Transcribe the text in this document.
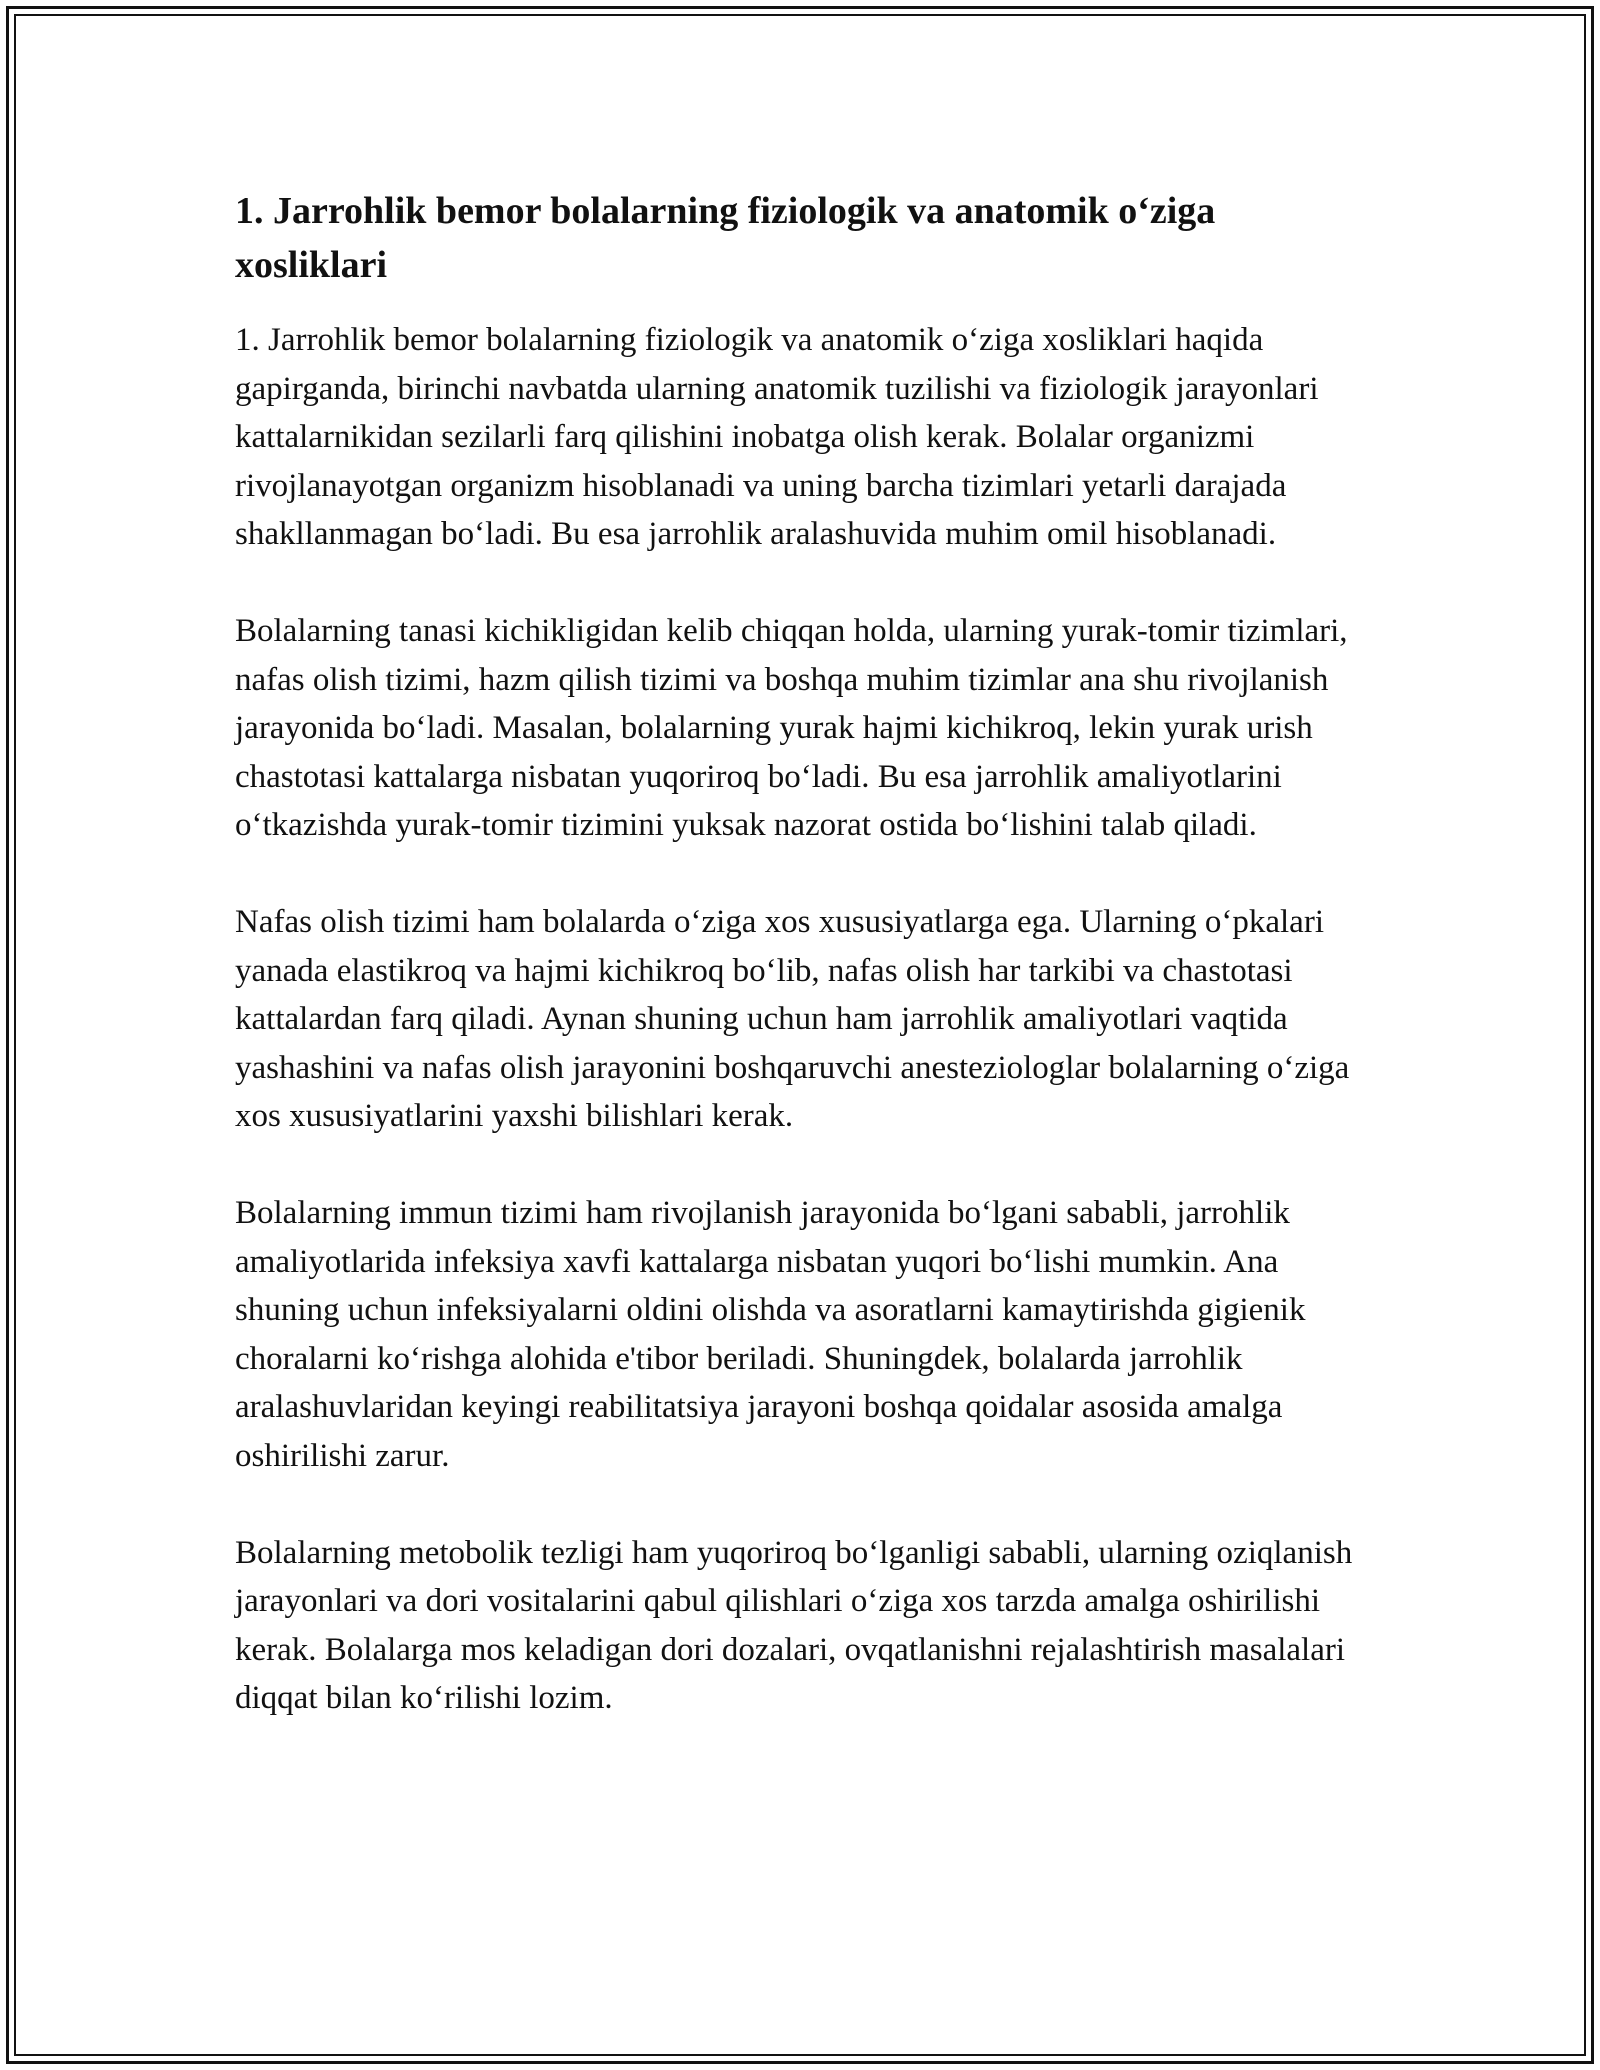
1. Jarrohlik bemor bolalarning fiziologik va anatomik o‘ziga xosliklari

1. Jarrohlik bemor bolalarning fiziologik va anatomik o‘ziga xosliklari haqida gapirganda, birinchi navbatda ularning anatomik tuzilishi va fiziologik jarayonlari kattalarnikidan sezilarli farq qilishini inobatga olish kerak. Bolalar organizmi rivojlanayotgan organizm hisoblanadi va uning barcha tizimlari yetarli darajada shakllanmagan bo‘ladi. Bu esa jarrohlik aralashuvida muhim omil hisoblanadi.

Bolalarning tanasi kichikligidan kelib chiqqan holda, ularning yurak-tomir tizimlari, nafas olish tizimi, hazm qilish tizimi va boshqa muhim tizimlar ana shu rivojlanish jarayonida bo‘ladi. Masalan, bolalarning yurak hajmi kichikroq, lekin yurak urish chastotasi kattalarga nisbatan yuqoriroq bo‘ladi. Bu esa jarrohlik amaliyotlarini o‘tkazishda yurak-tomir tizimini yuksak nazorat ostida bo‘lishini talab qiladi.

Nafas olish tizimi ham bolalarda o‘ziga xos xususiyatlarga ega. Ularning o‘pkalari yanada elastikroq va hajmi kichikroq bo‘lib, nafas olish har tarkibi va chastotasi kattalardan farq qiladi. Aynan shuning uchun ham jarrohlik amaliyotlari vaqtida yashashini va nafas olish jarayonini boshqaruvchi anesteziologlar bolalarning o‘ziga xos xususiyatlarini yaxshi bilishlari kerak.

Bolalarning immun tizimi ham rivojlanish jarayonida bo‘lgani sababli, jarrohlik amaliyotlarida infeksiya xavfi kattalarga nisbatan yuqori bo‘lishi mumkin. Ana shuning uchun infeksiyalarni oldini olishda va asoratlarni kamaytirishda gigienik choralarni ko‘rishga alohida e'tibor beriladi. Shuningdek, bolalarda jarrohlik aralashuvlaridan keyingi reabilitatsiya jarayoni boshqa qoidalar asosida amalga oshirilishi zarur.

Bolalarning metobolik tezligi ham yuqoriroq bo‘lganligi sababli, ularning oziqlanish jarayonlari va dori vositalarini qabul qilishlari o‘ziga xos tarzda amalga oshirilishi kerak. Bolalarga mos keladigan dori dozalari, ovqatlanishni rejalashtirish masalalari diqqat bilan ko‘rilishi lozim.
